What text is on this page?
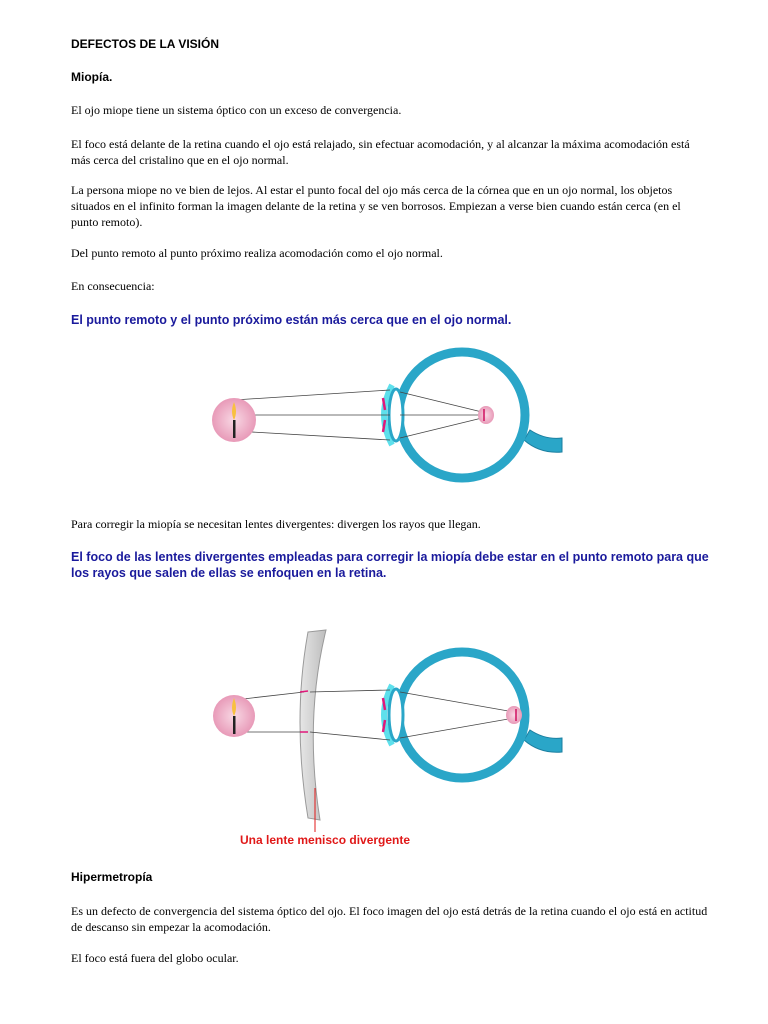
DEFECTOS DE LA VISIÓN
Miopía.

El ojo miope tiene un sistema óptico con un exceso de convergencia.

El foco está delante de la retina cuando el ojo está relajado, sin efectuar acomodación, y al alcanzar la máxima acomodación está más cerca del cristalino que en el ojo normal.

La persona miope no ve bien de lejos. Al estar el punto focal del ojo más cerca de la córnea que en un ojo normal, los objetos situados en el infinito forman la imagen delante de la retina y se ven borrosos. Empiezan a verse bien cuando están cerca (en el punto remoto).

Del punto remoto al punto próximo realiza acomodación como el ojo normal.

En consecuencia:

El punto remoto y el punto próximo están más cerca que en el ojo normal.

Para corregir la miopía se necesitan lentes divergentes: divergen los rayos que llegan.

El foco de las lentes divergentes empleadas para corregir la miopía debe estar en el punto remoto para que los rayos que salen de ellas se enfoquen en la retina.

Una lente menisco divergente
Hipermetropía

Es un defecto de convergencia del sistema óptico del ojo. El foco imagen del ojo está detrás de la retina cuando el ojo está en actitud de descanso sin empezar la acomodación.

El foco está fuera del globo ocular.
